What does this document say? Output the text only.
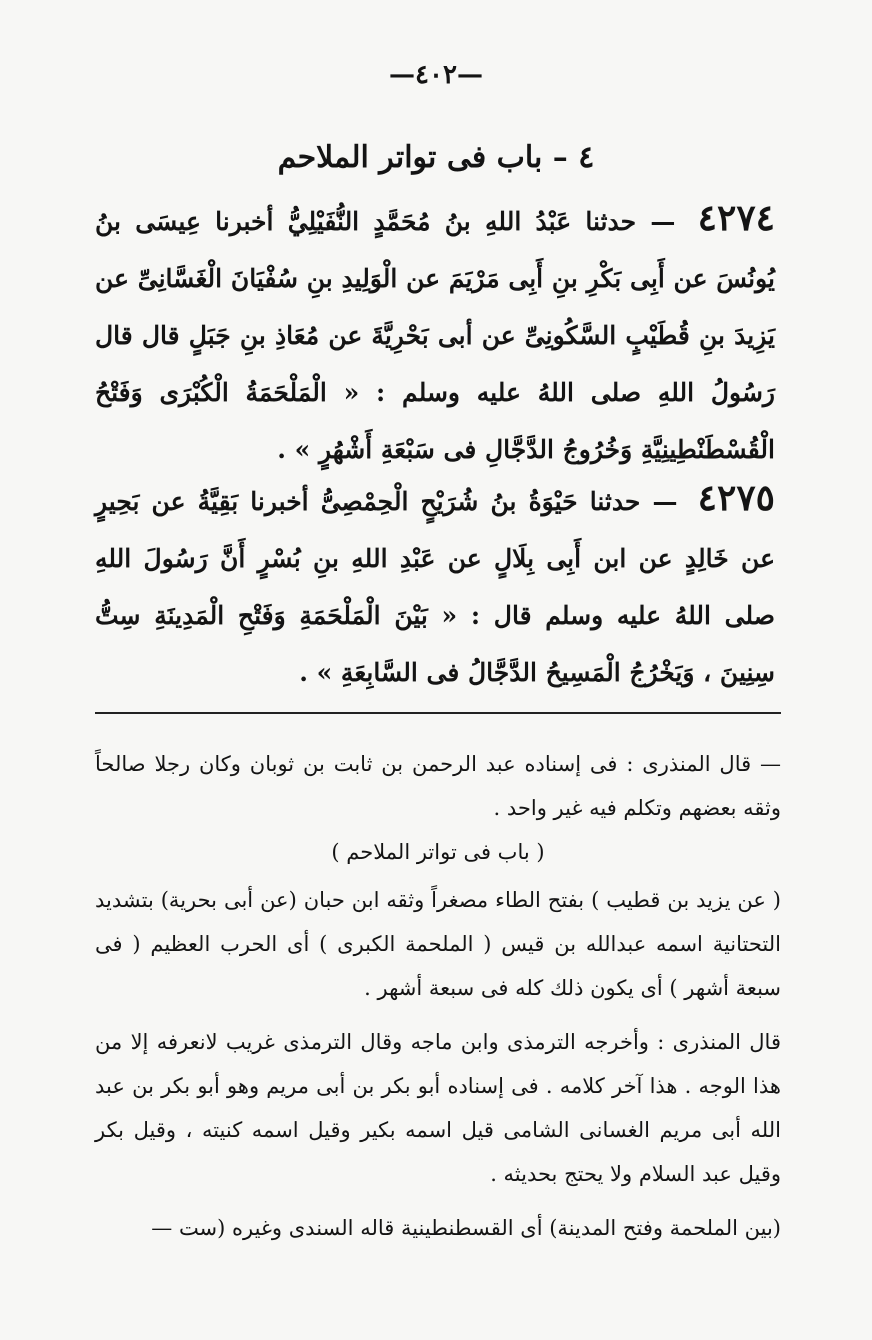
—٤٠٢—
٤ – باب فى تواتر الملاحم
٤٢٧٤ — حدثنا عَبْدُ اللهِ بنُ مُحَمَّدٍ النُّفَيْلِيُّ أخبرنا عِيسَى بنُ يُونُسَ عن أَبِى بَكْرِ بنِ أَبِى مَرْيَمَ عن الْوَلِيدِ بنِ سُفْيَانَ الْغَسَّانِىِّ عن يَزِيدَ بنِ قُطَيْبٍ السَّكُونِىِّ عن أبى بَحْرِيَّةَ عن مُعَاذِ بنِ جَبَلٍ قال قال رَسُولُ اللهِ صلى اللهُ عليه وسلم : « الْمَلْحَمَةُ الْكُبْرَى وَفَتْحُ الْقُسْطَنْطِينِيَّةِ وَخُرُوجُ الدَّجَّالِ فى سَبْعَةِ أَشْهُرٍ » .
٤٢٧٥ — حدثنا حَيْوَةُ بنُ شُرَيْحٍ الْحِمْصِىُّ أخبرنا بَقِيَّةُ عن بَحِيرٍ عن خَالِدٍ عن ابن أَبِى بِلَالٍ عن عَبْدِ اللهِ بنِ بُسْرٍ أَنَّ رَسُولَ اللهِ صلى اللهُ عليه وسلم قال : « بَيْنَ الْمَلْحَمَةِ وَفَتْحِ الْمَدِينَةِ سِتُّ سِنِينَ ، وَيَخْرُجُ الْمَسِيحُ الدَّجَّالُ فى السَّابِعَةِ » .
— قال المنذرى : فى إسناده عبد الرحمن بن ثابت بن ثوبان وكان رجلا صالحاً وثقه بعضهم وتكلم فيه غير واحد .
( باب فى تواتر الملاحم )
( عن يزيد بن قطيب ) بفتح الطاء مصغراً وثقه ابن حبان (عن أبى بحرية) بتشديد التحتانية اسمه عبدالله بن قيس ( الملحمة الكبرى ) أى الحرب العظيم ( فى سبعة أشهر ) أى يكون ذلك كله فى سبعة أشهر .
قال المنذرى : وأخرجه الترمذى وابن ماجه وقال الترمذى غريب لانعرفه إلا من هذا الوجه . هذا آخر كلامه . فى إسناده أبو بكر بن أبى مريم وهو أبو بكر بن عبد الله أبى مريم الغسانى الشامى قيل اسمه بكير وقيل اسمه كنيته ، وقيل بكر وقيل عبد السلام ولا يحتج بحديثه .
(بين الملحمة وفتح المدينة) أى القسطنطينية قاله السندى وغيره (ست —
